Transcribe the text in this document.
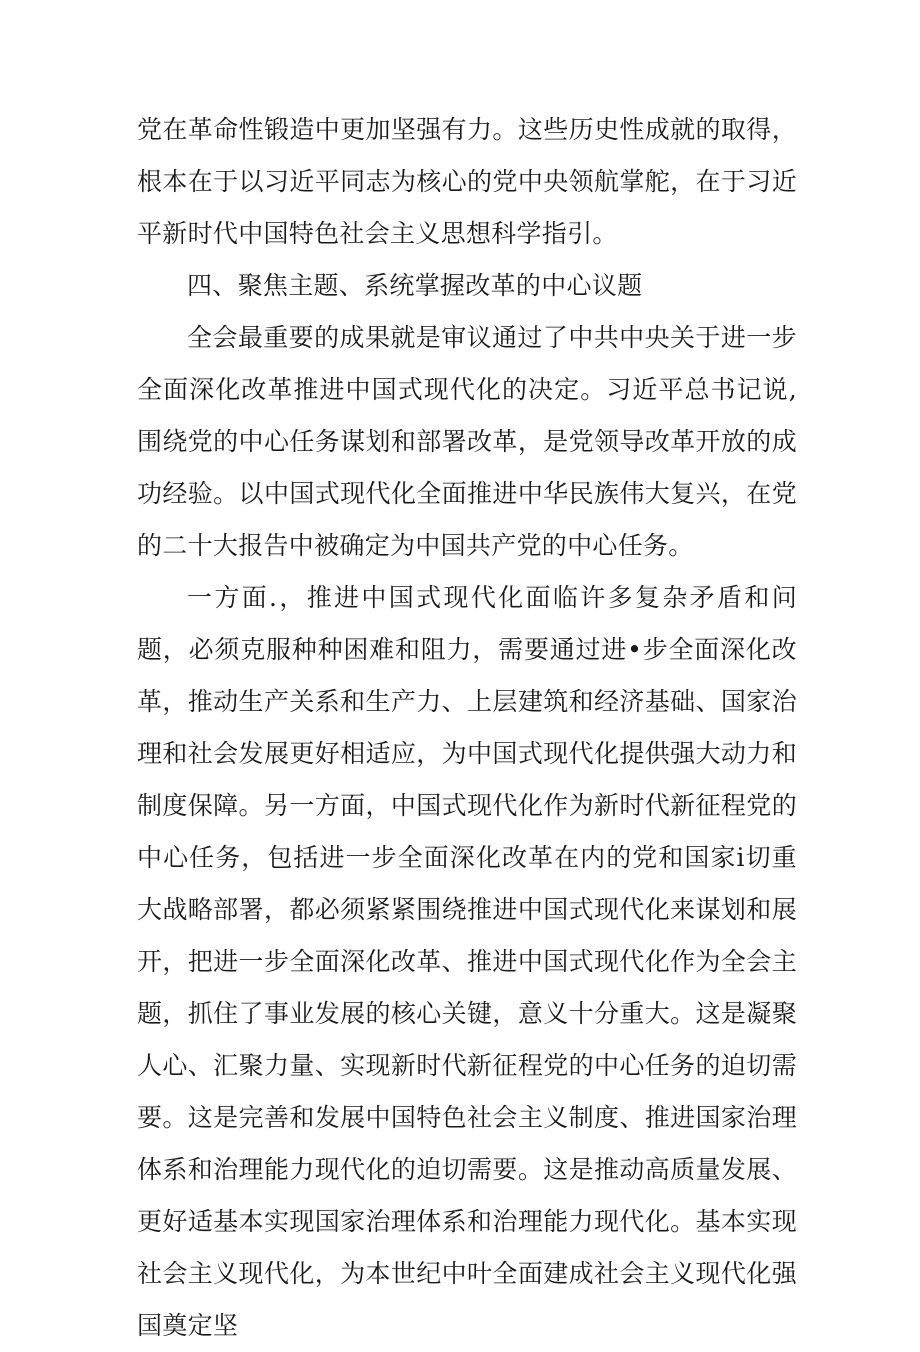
党在革命性锻造中更加坚强有力。这些历史性成就的取得，根本在于以习近平同志为核心的党中央领航掌舵，在于习近平新时代中国特色社会主义思想科学指引。

四、聚焦主题、系统掌握改革的中心议题

全会最重要的成果就是审议通过了中共中央关于进一步全面深化改革推进中国式现代化的决定。习近平总书记说,围绕党的中心任务谋划和部署改革，是党领导改革开放的成功经验。以中国式现代化全面推进中华民族伟大复兴，在党的二十大报告中被确定为中国共产党的中心任务。

一方面.，推进中国式现代化面临许多复杂矛盾和问题，必须克服种种困难和阻力，需要通过进•步全面深化改革，推动生产关系和生产力、上层建筑和经济基础、国家治理和社会发展更好相适应，为中国式现代化提供强大动力和制度保障。另一方面，中国式现代化作为新时代新征程党的中心任务，包括进一步全面深化改革在内的党和国家i切重大战略部署，都必须紧紧围绕推进中国式现代化来谋划和展开，把进一步全面深化改革、推进中国式现代化作为全会主题，抓住了事业发展的核心关键，意义十分重大。这是凝聚人心、汇聚力量、实现新时代新征程党的中心任务的迫切需要。这是完善和发展中国特色社会主义制度、推进国家治理体系和治理能力现代化的迫切需要。这是推动高质量发展、更好适基本实现国家治理体系和治理能力现代化。基本实现社会主义现代化，为本世纪中叶全面建成社会主义现代化强国奠定坚
